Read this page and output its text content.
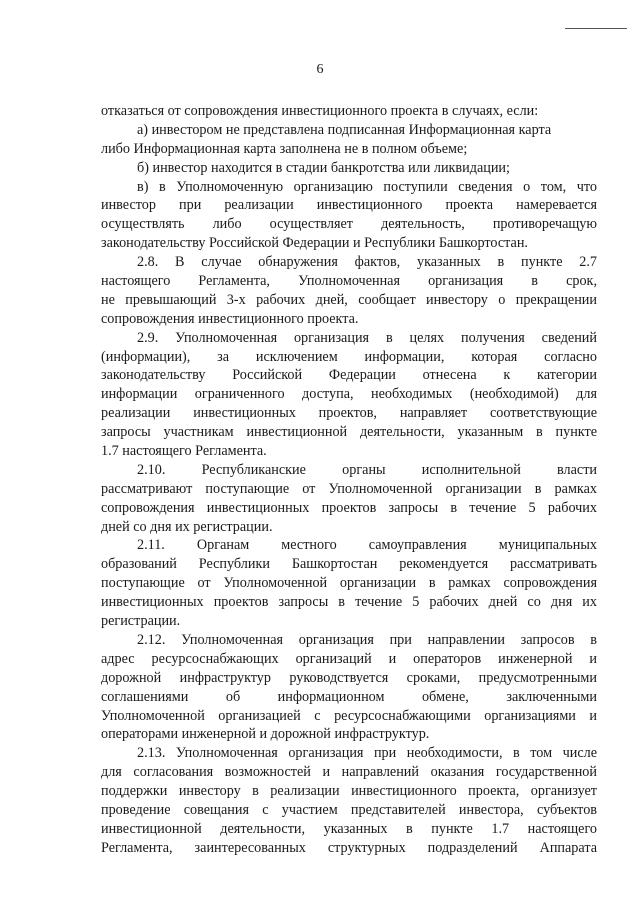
6
отказаться от сопровождения инвестиционного проекта в случаях, если:
а) инвестором не представлена подписанная Информационная карта
либо Информационная карта заполнена не в полном объеме;
б) инвестор находится в стадии банкротства или ликвидации;
в) в Уполномоченную организацию поступили сведения о том, что
инвестор при реализации инвестиционного проекта намеревается
осуществлять либо осуществляет деятельность, противоречащую
законодательству Российской Федерации и Республики Башкортостан.
2.8. В случае обнаружения фактов, указанных в пункте 2.7
настоящего Регламента, Уполномоченная организация в срок,
не превышающий 3-х рабочих дней, сообщает инвестору о прекращении
сопровождения инвестиционного проекта.
2.9. Уполномоченная организация в целях получения сведений
(информации), за исключением информации, которая согласно
законодательству Российской Федерации отнесена к категории
информации ограниченного доступа, необходимых (необходимой) для
реализации инвестиционных проектов, направляет соответствующие
запросы участникам инвестиционной деятельности, указанным в пункте
1.7 настоящего Регламента.
2.10. Республиканские органы исполнительной власти
рассматривают поступающие от Уполномоченной организации в рамках
сопровождения инвестиционных проектов запросы в течение 5 рабочих
дней со дня их регистрации.
2.11. Органам местного самоуправления муниципальных
образований Республики Башкортостан рекомендуется рассматривать
поступающие от Уполномоченной организации в рамках сопровождения
инвестиционных проектов запросы в течение 5 рабочих дней со дня их
регистрации.
2.12. Уполномоченная организация при направлении запросов в
адрес ресурсоснабжающих организаций и операторов инженерной и
дорожной инфраструктур руководствуется сроками, предусмотренными
соглашениями об информационном обмене, заключенными
Уполномоченной организацией с ресурсоснабжающими организациями и
операторами инженерной и дорожной инфраструктур.
2.13. Уполномоченная организация при необходимости, в том числе
для согласования возможностей и направлений оказания государственной
поддержки инвестору в реализации инвестиционного проекта, организует
проведение совещания с участием представителей инвестора, субъектов
инвестиционной деятельности, указанных в пункте 1.7 настоящего
Регламента, заинтересованных структурных подразделений Аппарата
